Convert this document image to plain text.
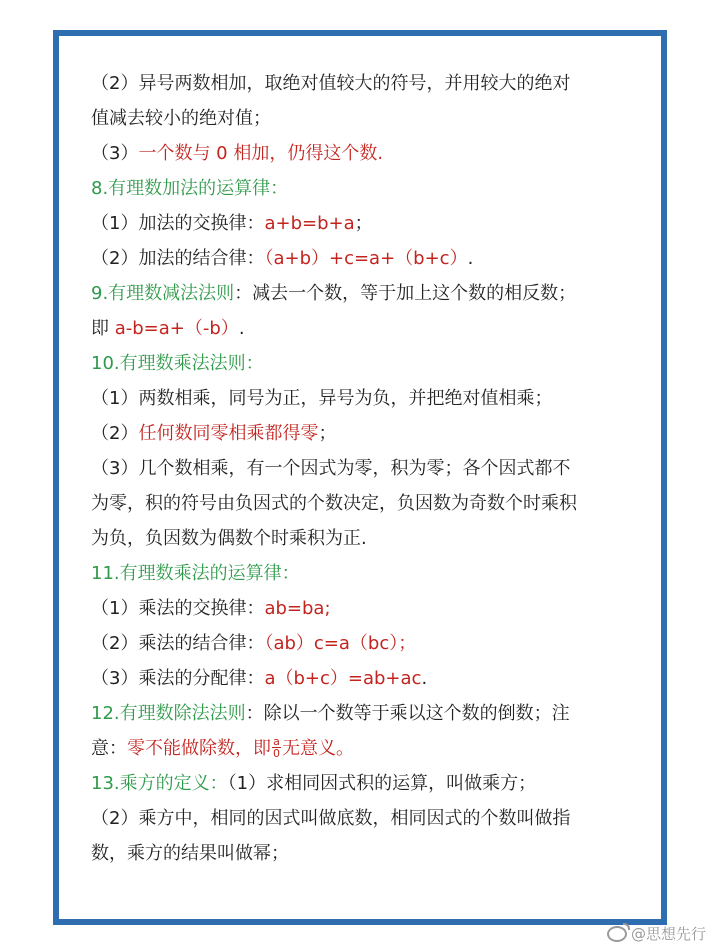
（2）异号两数相加，取绝对值较大的符号，并用较大的绝对
值减去较小的绝对值；
（3）一个数与 0 相加，仍得这个数.
8.有理数加法的运算律：
（1）加法的交换律：a+b=b+a；
（2）加法的结合律：（a+b）+c=a+（b+c）.
9.有理数减法法则：减去一个数，等于加上这个数的相反数；
即 a-b=a+（-b）.
10.有理数乘法法则：
（1）两数相乘，同号为正，异号为负，并把绝对值相乘；
（2）任何数同零相乘都得零；
（3）几个数相乘，有一个因式为零，积为零；各个因式都不
为零，积的符号由负因式的个数决定，负因数为奇数个时乘积
为负，负因数为偶数个时乘积为正.
11.有理数乘法的运算律：
（1）乘法的交换律：ab=ba;
（2）乘法的结合律：（ab）c=a（bc）；
（3）乘法的分配律：a（b+c）=ab+ac.
12.有理数除法法则：除以一个数等于乘以这个数的倒数；注
意：零不能做除数，即 $\frac{a}{0}$ 无意义。
13.乘方的定义：（1）求相同因式积的运算，叫做乘方；
（2）乘方中，相同的因式叫做底数，相同因式的个数叫做指
数，乘方的结果叫做幂；
@思想先行
